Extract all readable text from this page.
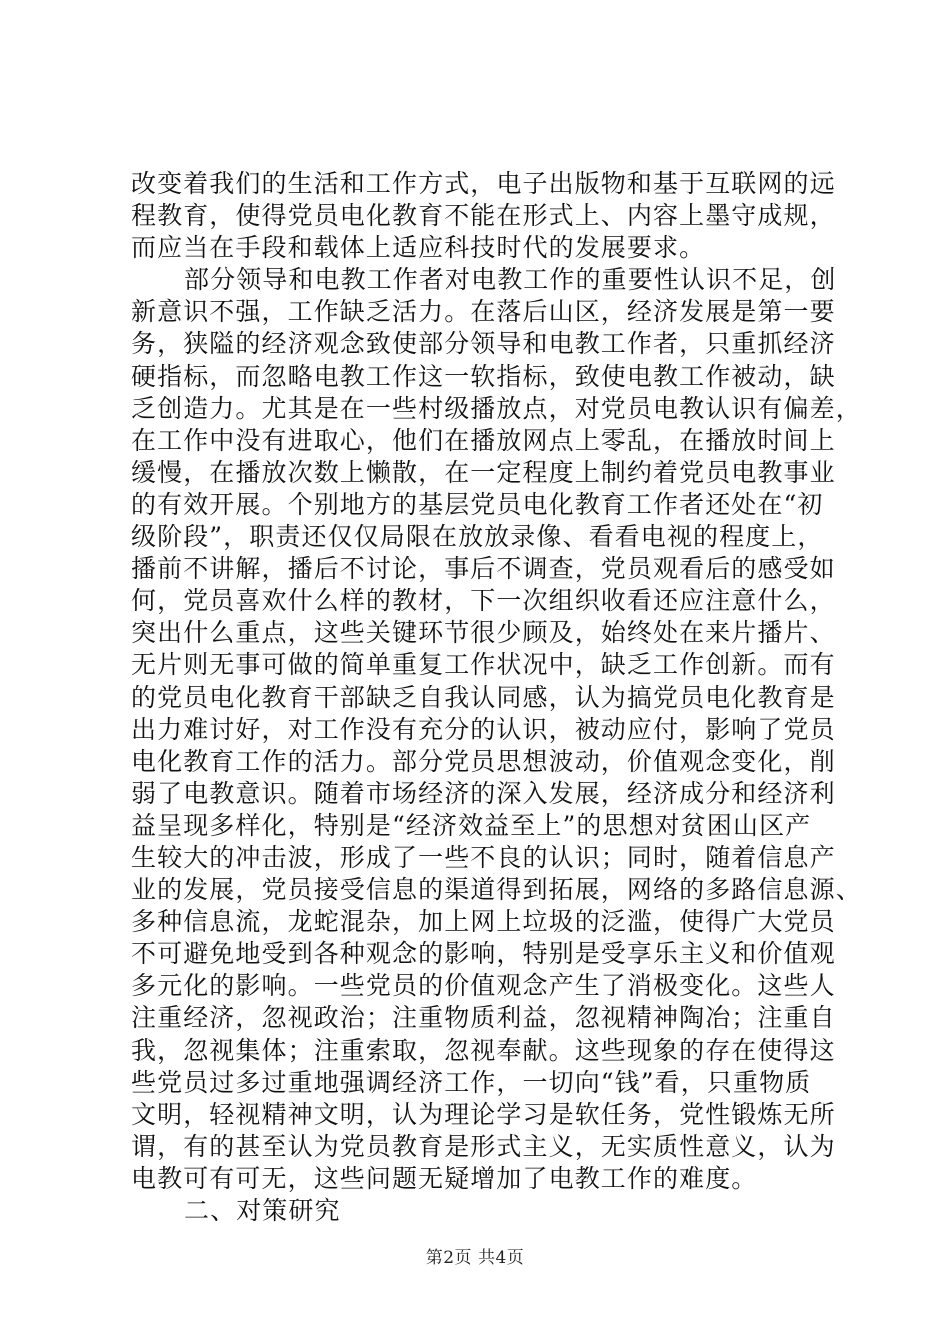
改变着我们的生活和工作方式，电子出版物和基于互联网的远
程教育，使得党员电化教育不能在形式上、内容上墨守成规，
而应当在手段和载体上适应科技时代的发展要求。
部分领导和电教工作者对电教工作的重要性认识不足，创
新意识不强，工作缺乏活力。在落后山区，经济发展是第一要
务，狭隘的经济观念致使部分领导和电教工作者，只重抓经济
硬指标，而忽略电教工作这一软指标，致使电教工作被动，缺
乏创造力。尤其是在一些村级播放点，对党员电教认识有偏差，
在工作中没有进取心，他们在播放网点上零乱，在播放时间上
缓慢，在播放次数上懒散，在一定程度上制约着党员电教事业
的有效开展。个别地方的基层党员电化教育工作者还处在“初
级阶段”，职责还仅仅局限在放放录像、看看电视的程度上，
播前不讲解，播后不讨论，事后不调查，党员观看后的感受如
何，党员喜欢什么样的教材，下一次组织收看还应注意什么，
突出什么重点，这些关键环节很少顾及，始终处在来片播片、
无片则无事可做的简单重复工作状况中，缺乏工作创新。而有
的党员电化教育干部缺乏自我认同感，认为搞党员电化教育是
出力难讨好，对工作没有充分的认识，被动应付，影响了党员
电化教育工作的活力。部分党员思想波动，价值观念变化，削
弱了电教意识。随着市场经济的深入发展，经济成分和经济利
益呈现多样化，特别是“经济效益至上”的思想对贫困山区产
生较大的冲击波，形成了一些不良的认识；同时，随着信息产
业的发展，党员接受信息的渠道得到拓展，网络的多路信息源、
多种信息流，龙蛇混杂，加上网上垃圾的泛滥，使得广大党员
不可避免地受到各种观念的影响，特别是受享乐主义和价值观
多元化的影响。一些党员的价值观念产生了消极变化。这些人
注重经济，忽视政治；注重物质利益，忽视精神陶冶；注重自
我，忽视集体；注重索取，忽视奉献。这些现象的存在使得这
些党员过多过重地强调经济工作，一切向“钱”看，只重物质
文明，轻视精神文明，认为理论学习是软任务，党性锻炼无所
谓，有的甚至认为党员教育是形式主义，无实质性意义，认为
电教可有可无，这些问题无疑增加了电教工作的难度。
二、对策研究
第2页 共4页
